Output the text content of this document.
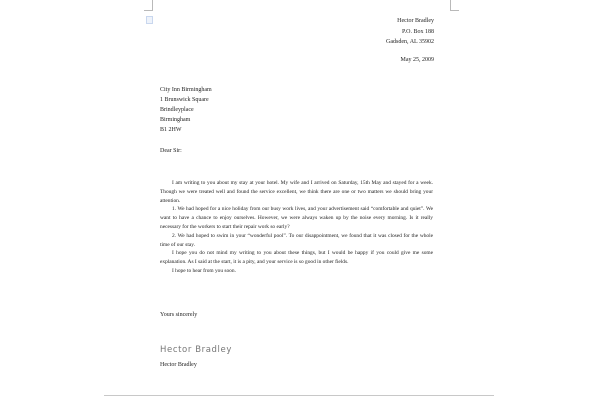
Hector Bradley
P.O. Box 188
Gadsden, AL 35902
May 25, 2009
City Inn Birmingham
1 Brunswick Square
Brindleyplace
Birmingham
B1 2HW
Dear Sir:

I am writing to you about my stay at your hotel. My wife and I arrived on Saturday, 15th May and stayed for a week. Though we were treated well and found the service excellent, we think there are one or two matters we should bring your attention.

1. We had hoped for a nice holiday from our busy work lives, and your advertisement said “comfortable and quiet”. We want to have a chance to enjoy ourselves. However, we were always waken up by the noise every morning. Is it really necessary for the workers to start their repair work so early?

2. We had hoped to swim in your “wonderful pool”. To our disappointment, we found that it was closed for the whole time of our stay.

I hope you do not mind my writing to you about these things, but I would be happy if you could give me some explanation. As I said at the start, it is a pity, and your service is so good in other fields.

I hope to hear from you soon.

Yours sincerely
Hector Bradley
Hector Bradley
